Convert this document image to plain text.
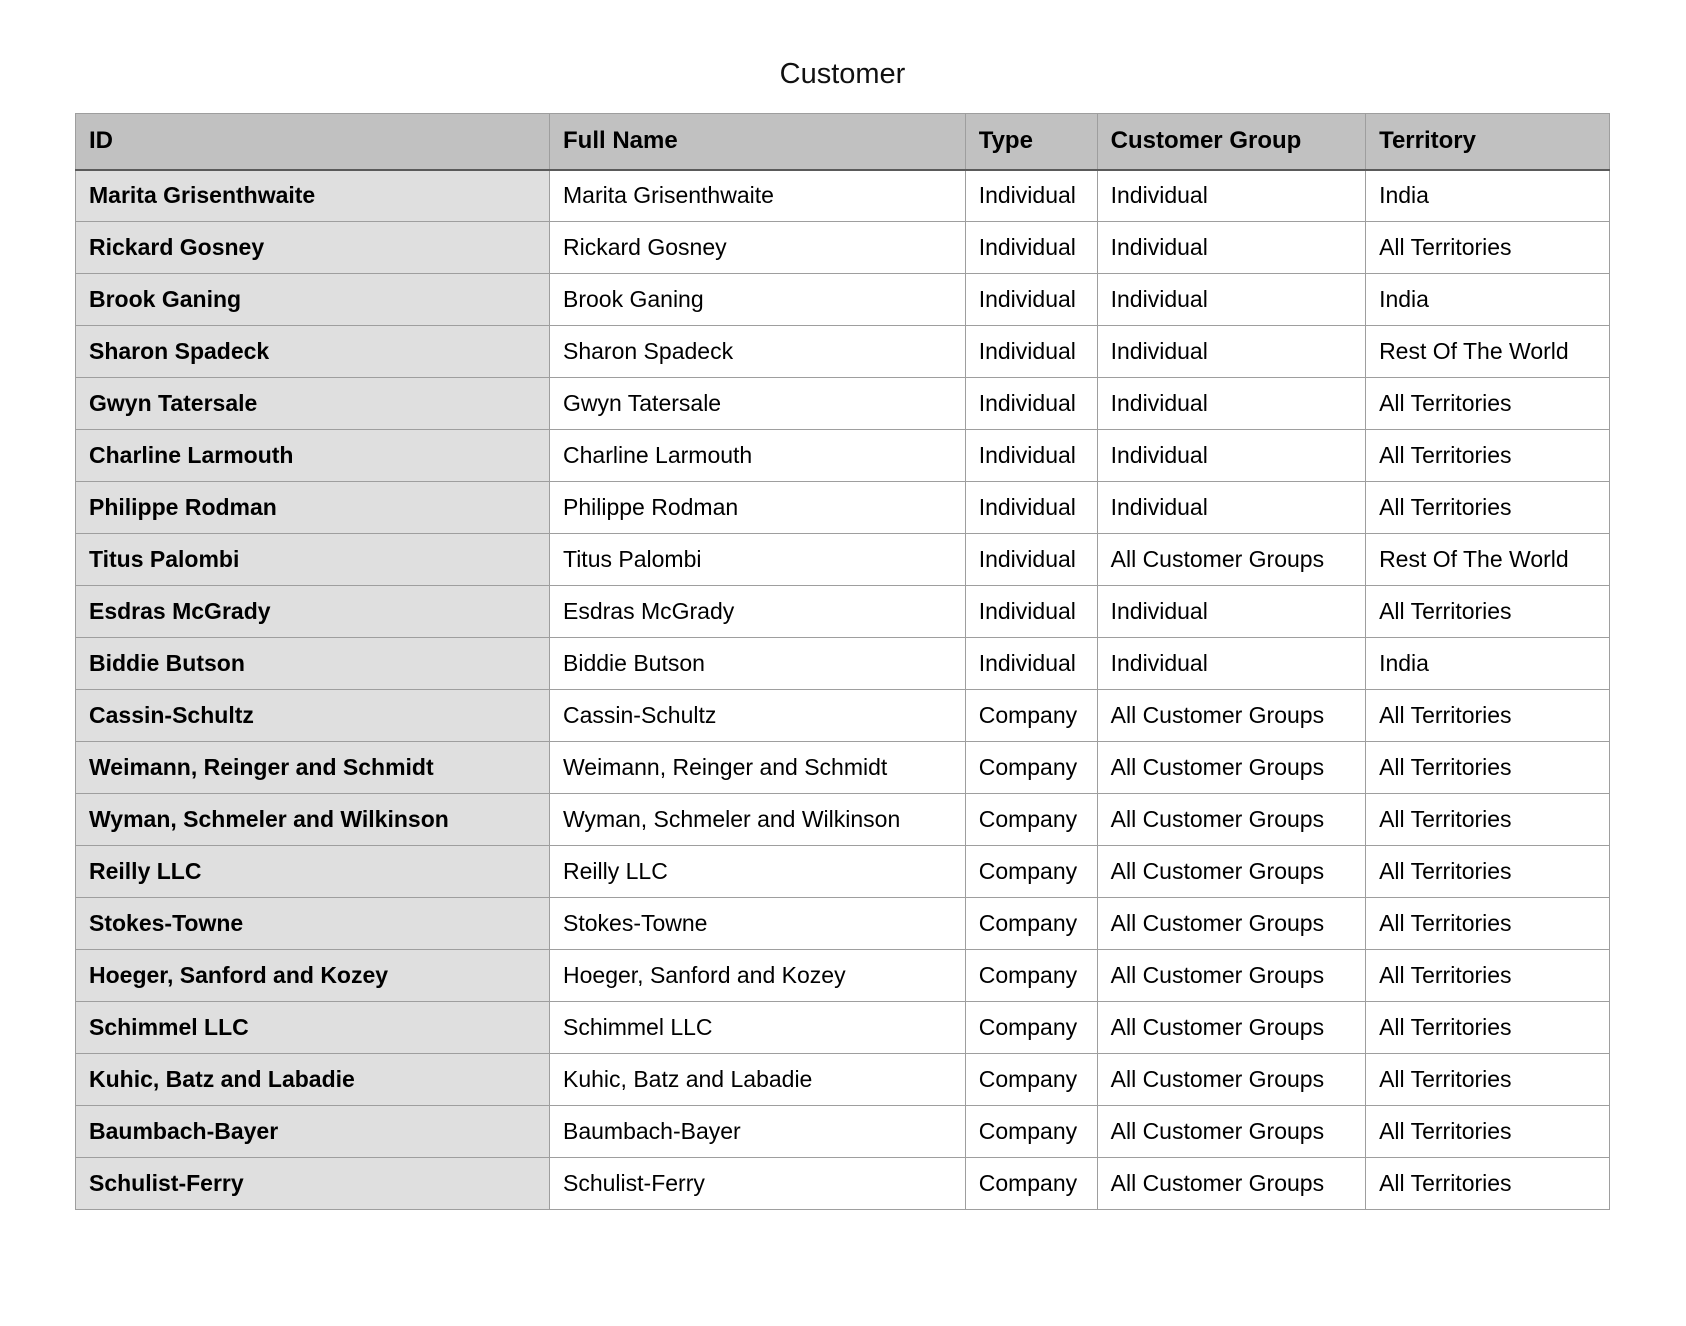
Customer
ID	Full Name	Type	Customer Group	Territory
Marita Grisenthwaite	Marita Grisenthwaite	Individual	Individual	India
Rickard Gosney	Rickard Gosney	Individual	Individual	All Territories
Brook Ganing	Brook Ganing	Individual	Individual	India
Sharon Spadeck	Sharon Spadeck	Individual	Individual	Rest Of The World
Gwyn Tatersale	Gwyn Tatersale	Individual	Individual	All Territories
Charline Larmouth	Charline Larmouth	Individual	Individual	All Territories
Philippe Rodman	Philippe Rodman	Individual	Individual	All Territories
Titus Palombi	Titus Palombi	Individual	All Customer Groups	Rest Of The World
Esdras McGrady	Esdras McGrady	Individual	Individual	All Territories
Biddie Butson	Biddie Butson	Individual	Individual	India
Cassin-Schultz	Cassin-Schultz	Company	All Customer Groups	All Territories
Weimann, Reinger and Schmidt	Weimann, Reinger and Schmidt	Company	All Customer Groups	All Territories
Wyman, Schmeler and Wilkinson	Wyman, Schmeler and Wilkinson	Company	All Customer Groups	All Territories
Reilly LLC	Reilly LLC	Company	All Customer Groups	All Territories
Stokes-Towne	Stokes-Towne	Company	All Customer Groups	All Territories
Hoeger, Sanford and Kozey	Hoeger, Sanford and Kozey	Company	All Customer Groups	All Territories
Schimmel LLC	Schimmel LLC	Company	All Customer Groups	All Territories
Kuhic, Batz and Labadie	Kuhic, Batz and Labadie	Company	All Customer Groups	All Territories
Baumbach-Bayer	Baumbach-Bayer	Company	All Customer Groups	All Territories
Schulist-Ferry	Schulist-Ferry	Company	All Customer Groups	All Territories
